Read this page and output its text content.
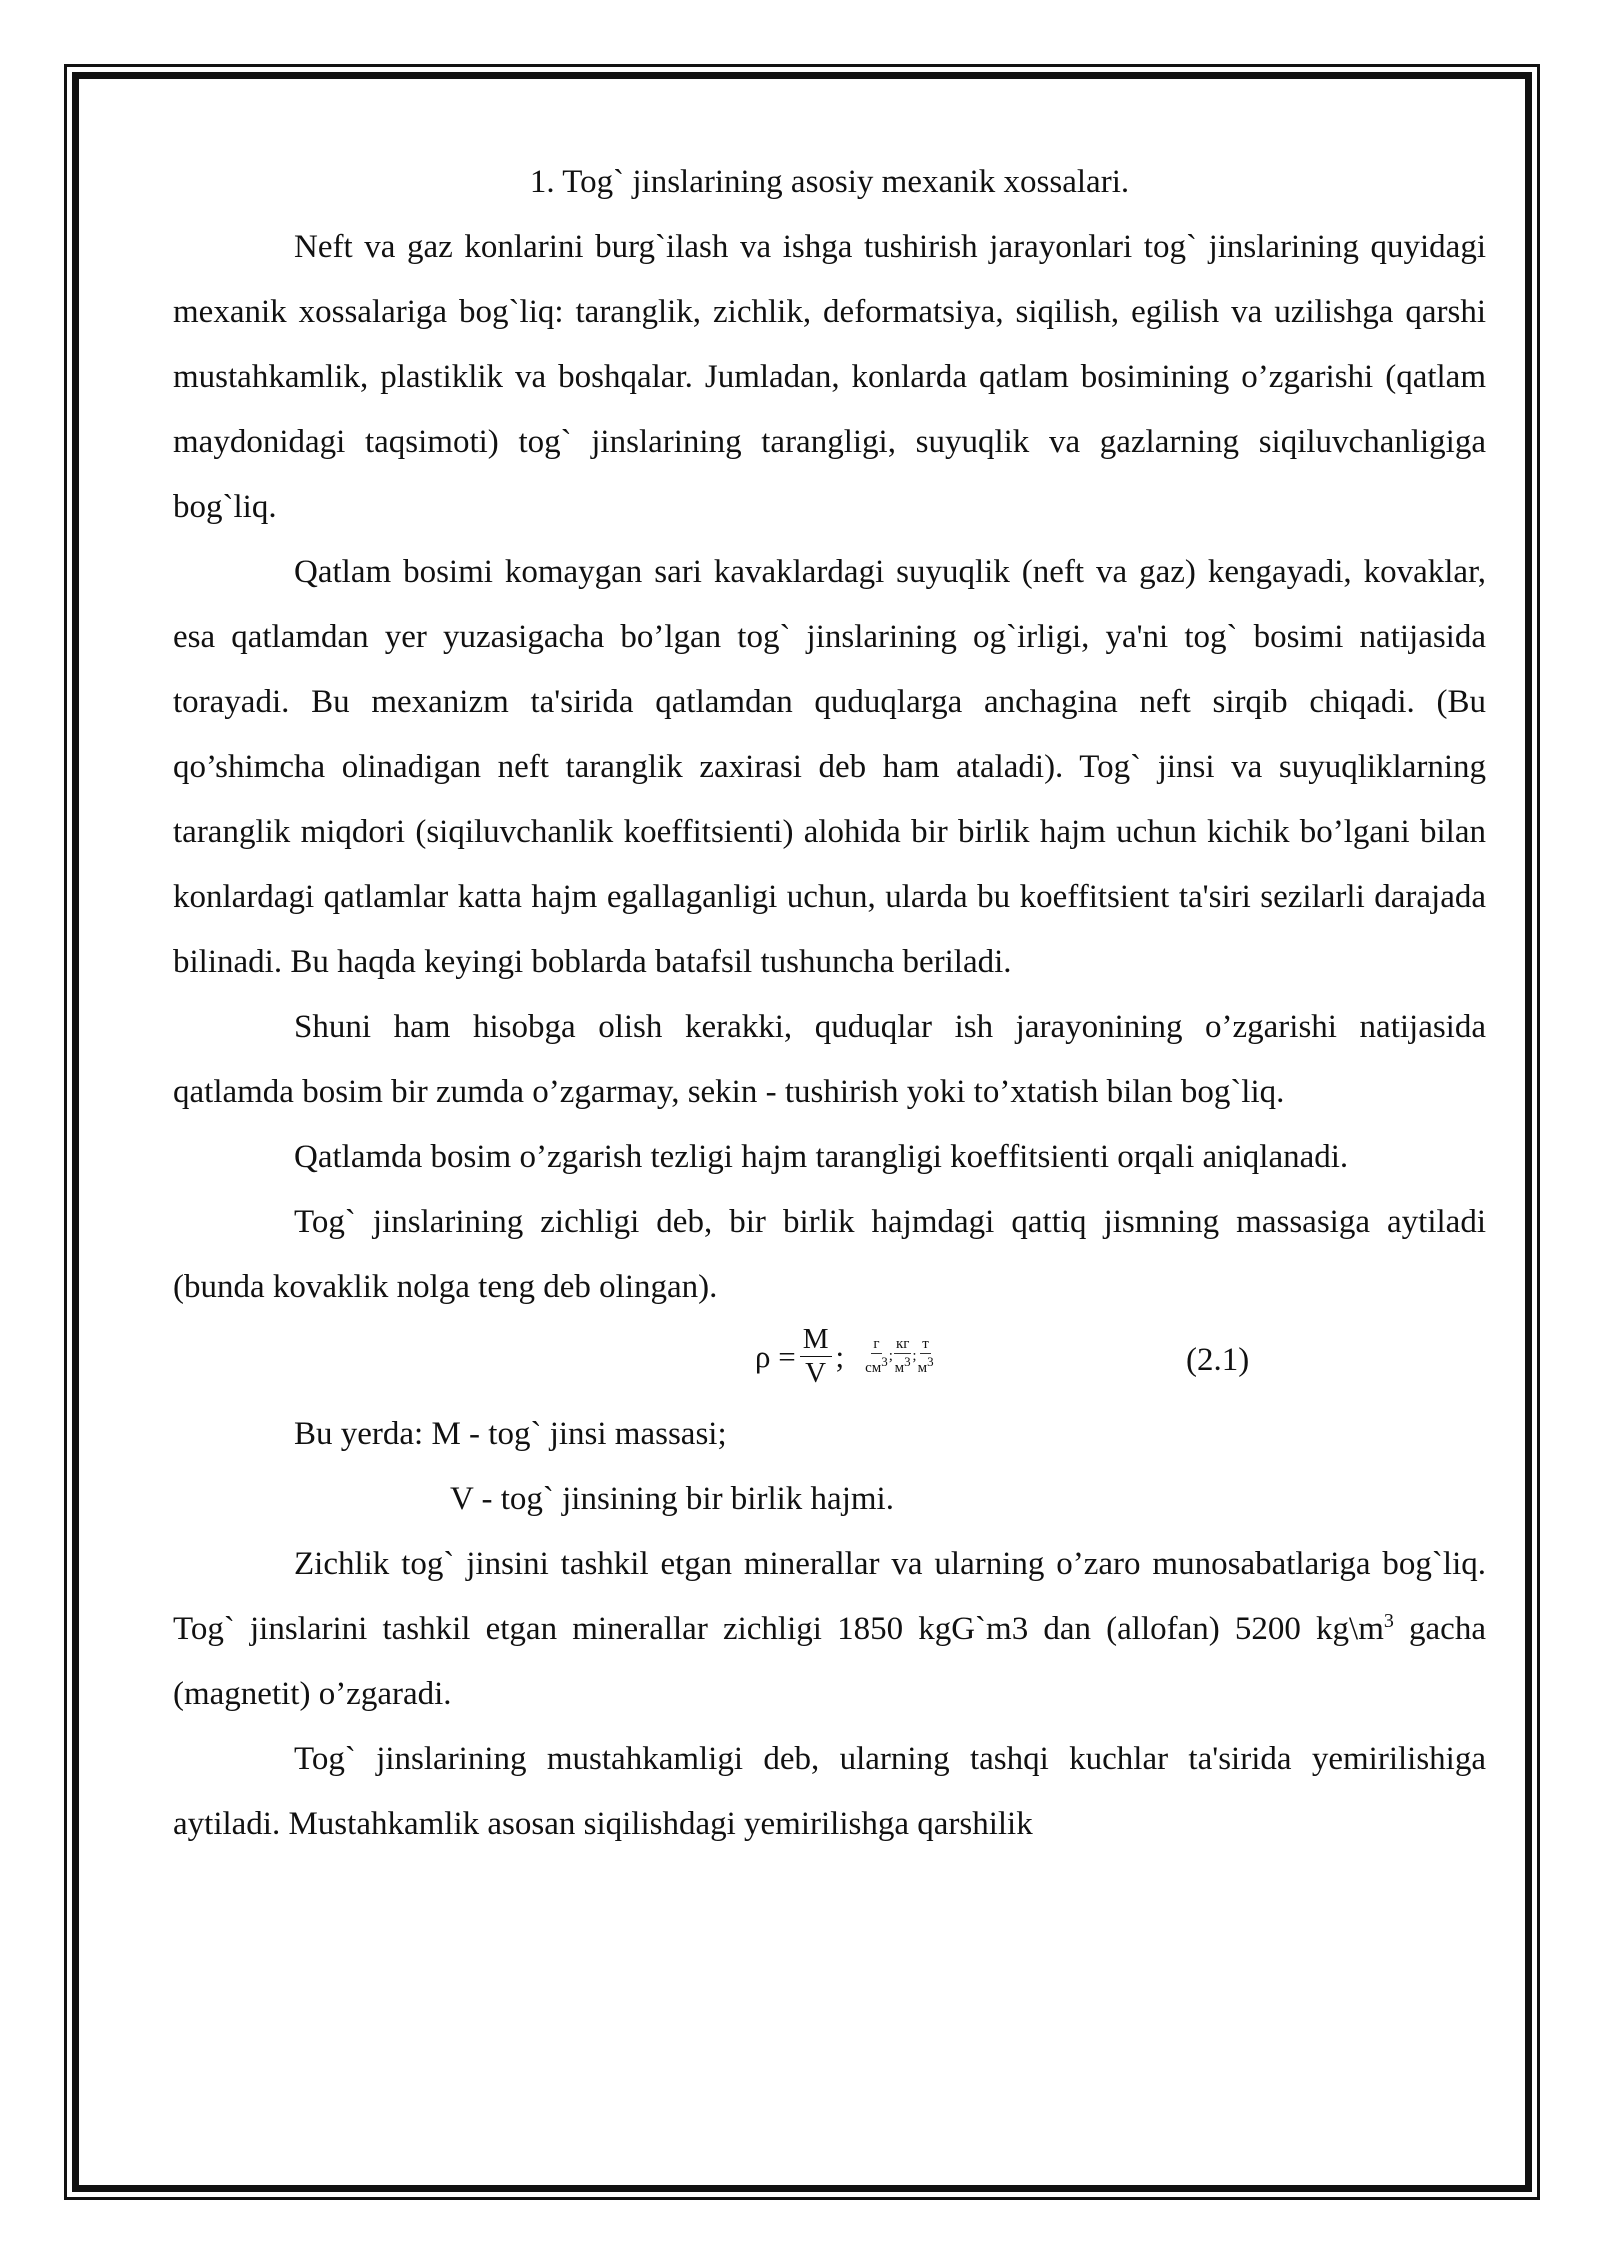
1. Tog` jinslarining asosiy mexanik xossalari.

Neft va gaz konlarini burg`ilash va ishga tushirish jarayonlari tog` jinslarining quyidagi mexanik xossalariga bog`liq: taranglik, zichlik, deformatsiya, siqilish, egilish va uzilishga qarshi mustahkamlik, plastiklik va boshqalar. Jumladan, konlarda qatlam bosimining o’zgarishi (qatlam maydonidagi taqsimoti) tog` jinslarining tarangligi, suyuqlik va gazlarning siqiluvchanligiga bog`liq.

Qatlam bosimi komaygan sari kavaklardagi suyuqlik (neft va gaz) kengayadi, kovaklar, esa qatlamdan yer yuzasigacha bo’lgan tog` jinslarining og`irligi, ya'ni tog` bosimi natijasida torayadi. Bu mexanizm ta'sirida qatlamdan quduqlarga anchagina neft sirqib chiqadi. (Bu qo’shimcha olinadigan neft taranglik zaxirasi deb ham ataladi). Tog` jinsi va suyuqliklarning taranglik miqdori (siqiluvchanlik koeffitsienti) alohida bir birlik hajm uchun kichik bo’lgani bilan konlardagi qatlamlar katta hajm egallaganligi uchun, ularda bu koeffitsient ta'siri sezilarli darajada bilinadi. Bu haqda keyingi boblarda batafsil tushuncha beriladi.

Shuni ham hisobga olish kerakki, quduqlar ish jarayonining o’zgarishi natijasida qatlamda bosim bir zumda o’zgarmay, sekin - tushirish yoki to’xtatish bilan bog`liq.

Qatlamda bosim o’zgarish tezligi hajm tarangligi koeffitsienti orqali aniqlanadi.

Tog` jinslarining zichligi deb, bir birlik hajmdagi qattiq jismning massasiga aytiladi (bunda kovaklik nolga teng deb olingan).

$\rho = \frac{M}{V}$ ; г
$см^3$ ;
кг
$м^3$ ;
т
$м^3$	(2.1)

Bu yerda: M - tog` jinsi massasi;

V - tog` jinsining bir birlik hajmi.

Zichlik tog` jinsini tashkil etgan minerallar va ularning o’zaro munosabatlariga bog`liq. Tog` jinslarini tashkil etgan minerallar zichligi 1850 kgG`m3 dan (allofan) 5200 $kg\backslash m^3$ gacha (magnetit) o’zgaradi.

Tog` jinslarining mustahkamligi deb, ularning tashqi kuchlar ta'sirida yemirilishiga aytiladi. Mustahkamlik asosan siqilishdagi yemirilishga qarshilik
